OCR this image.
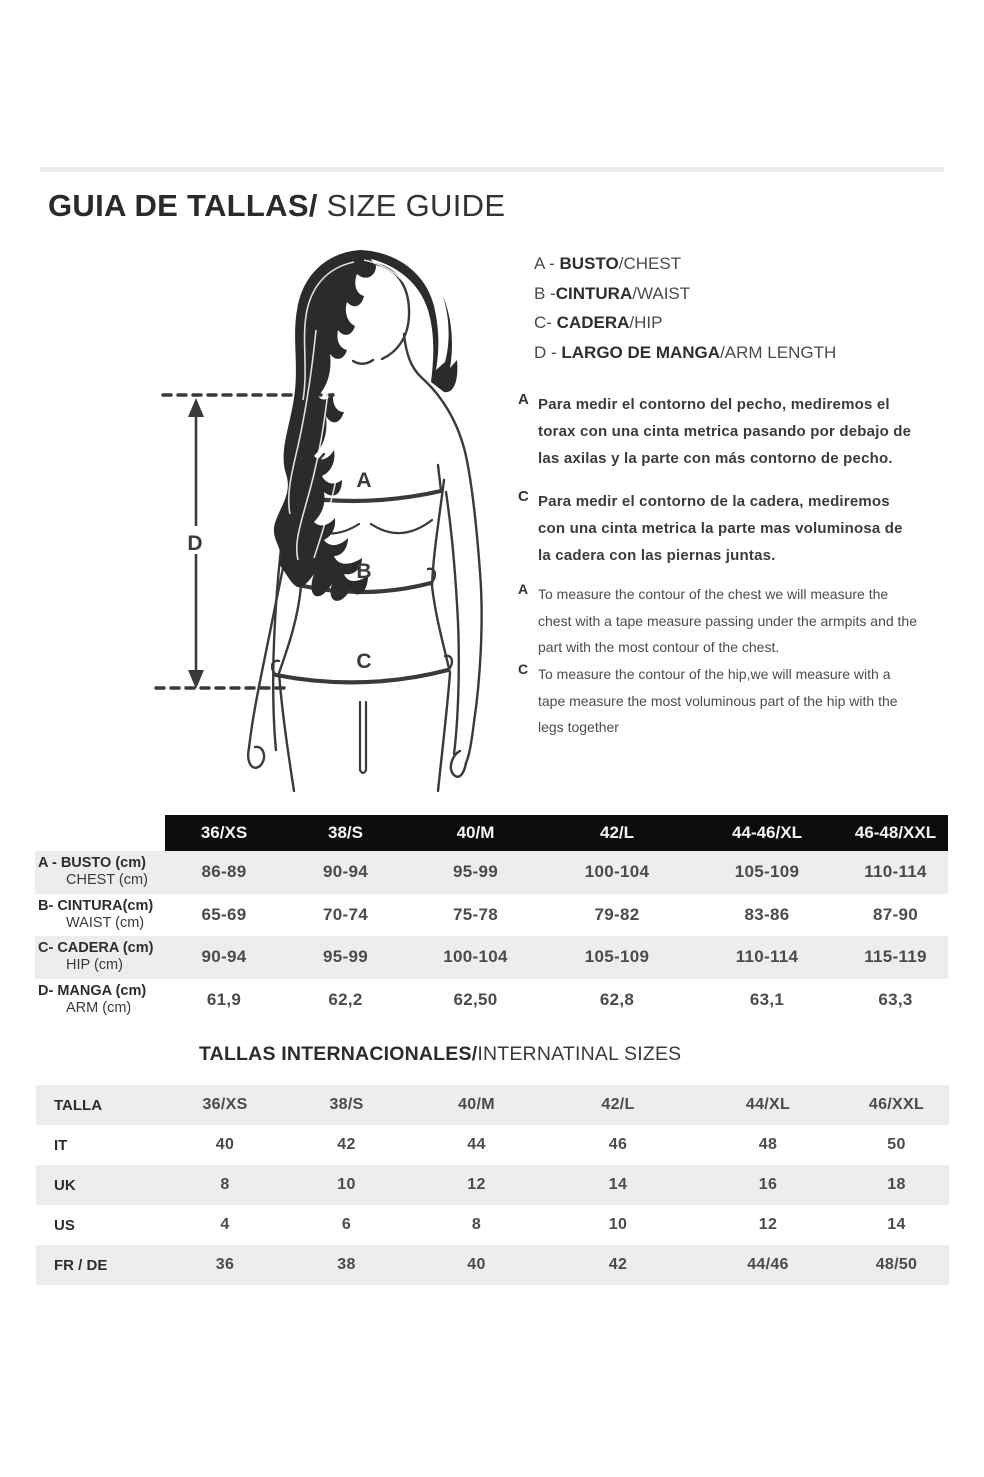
GUIA DE TALLAS/ SIZE GUIDE
A
B
C
D
A - BUSTO/CHEST
B -CINTURA/WAIST
C- CADERA/HIP
D - LARGO DE MANGA/ARM LENGTH
A Para medir el contorno del pecho, mediremos el torax con una cinta metrica pasando por debajo de las axilas y la parte con más contorno de pecho.
C Para medir el contorno de la cadera, mediremos con una cinta metrica la parte mas voluminosa de la cadera con las piernas juntas.
A To measure the contour of the chest we will measure the chest with a tape measure passing under the armpits and the part with the most contour of the chest.
C To measure the contour of the hip,we will measure with a tape measure the most voluminous part of the hip with the legs together
36/XS	38/S	40/M	42/L	44-46/XL	46-48/XXL
A - BUSTO (cm)
CHEST (cm)	86-89	90-94	95-99	100-104	105-109	110-114
B- CINTURA(cm)
WAIST (cm)	65-69	70-74	75-78	79-82	83-86	87-90
C- CADERA (cm)
HIP (cm)	90-94	95-99	100-104	105-109	110-114	115-119
D- MANGA (cm)
ARM (cm)	61,9	62,2	62,50	62,8	63,1	63,3
TALLAS INTERNACIONALES/INTERNATINAL SIZES
TALLA	36/XS	38/S	40/M	42/L	44/XL	46/XXL
IT	40	42	44	46	48	50
UK	8	10	12	14	16	18
US	4	6	8	10	12	14
FR / DE	36	38	40	42	44/46	48/50
